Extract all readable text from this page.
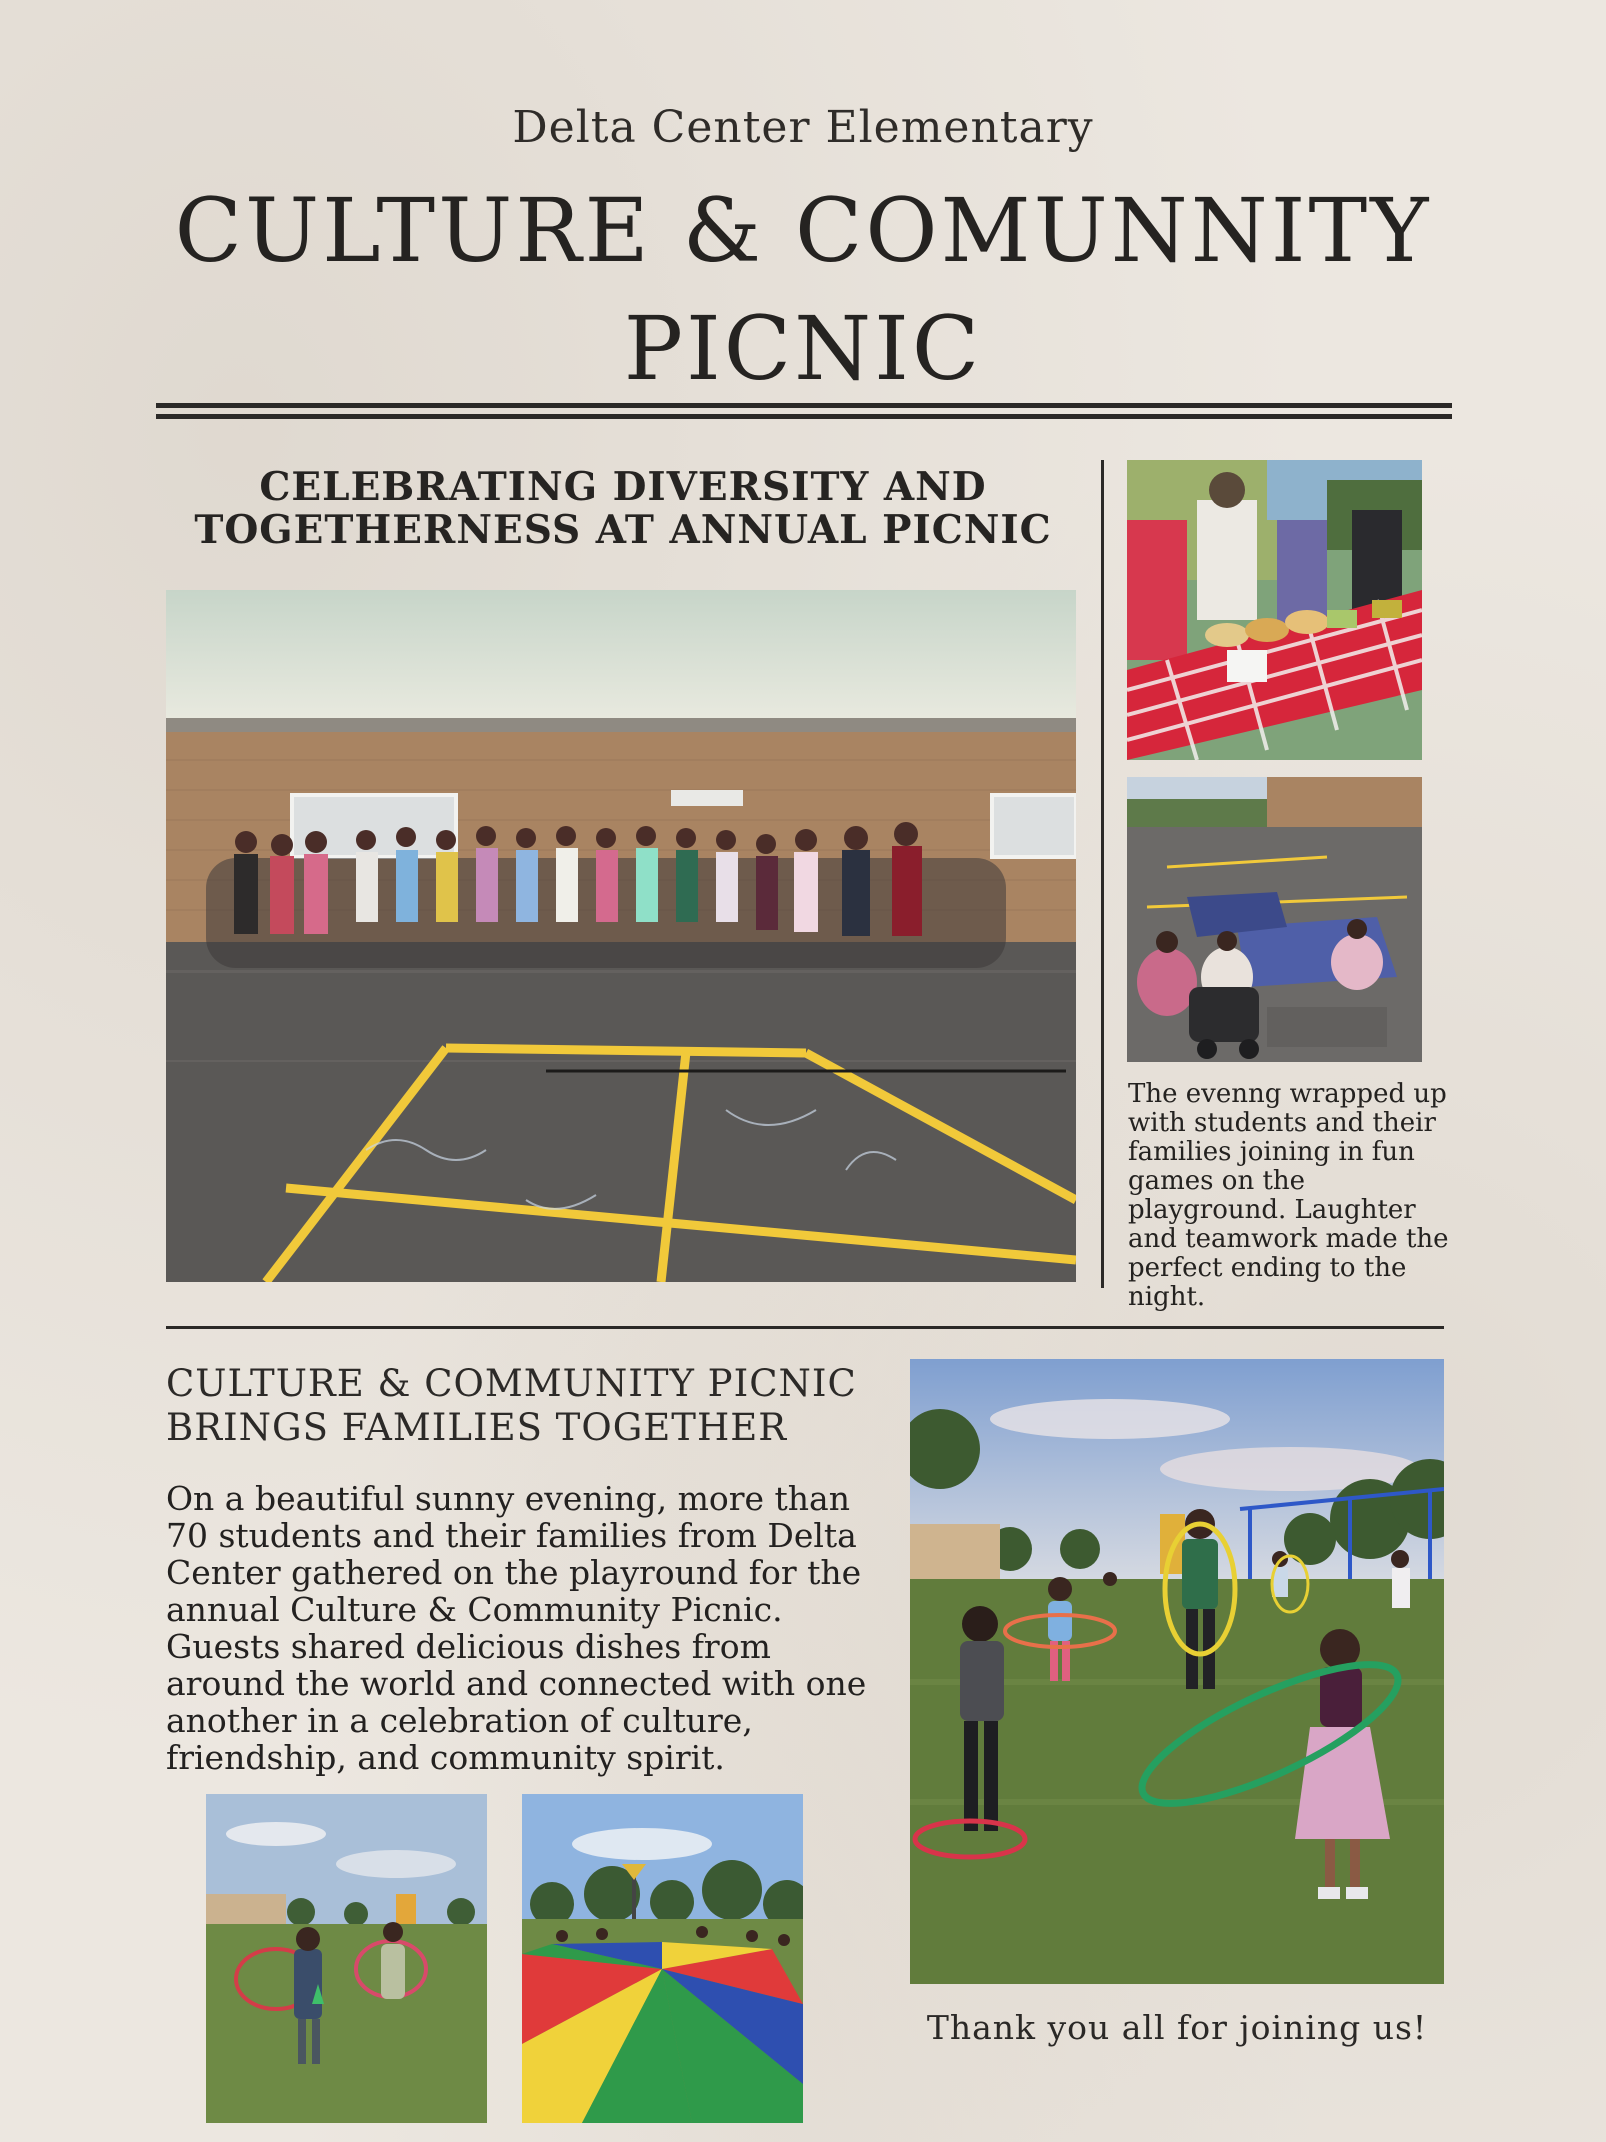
Delta Center Elementary
CULTURE & COMUNNITY PICNIC
CELEBRATING DIVERSITY AND TOGETHERNESS AT ANNUAL PICNIC
The evenng wrapped up with students and their families joining in fun games on the playground. Laughter and teamwork made the perfect ending to the night.
CULTURE & COMMUNITY PICNIC BRINGS FAMILIES TOGETHER
On a beautiful sunny evening, more than 70 students and their families from Delta Center gathered on the playround for the annual Culture & Community Picnic. Guests shared delicious dishes from around the world and connected with one another in a celebration of culture, friendship, and community spirit.
Thank you all for joining us!
